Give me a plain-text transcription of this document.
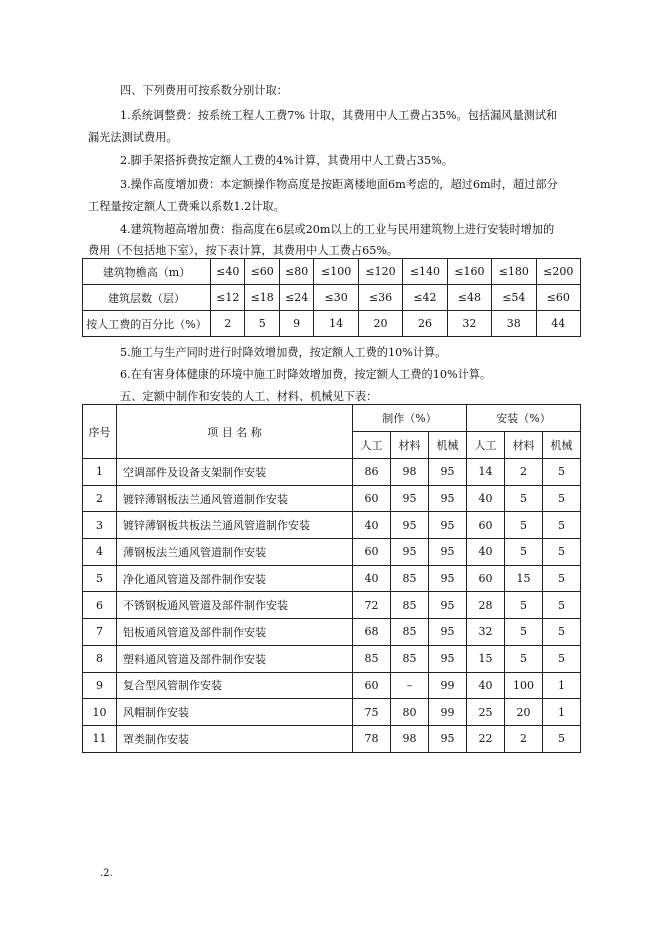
四、下列费用可按系数分别计取：
1.系统调整费：按系统工程人工费7% 计取，其费用中人工费占35%。包括漏风量测试和
漏光法测试费用。
2.脚手架搭拆费按定额人工费的4%计算，其费用中人工费占35%。
3.操作高度增加费：本定额操作物高度是按距离楼地面6m考虑的，超过6m时，超过部分
工程量按定额人工费乘以系数1.2计取。
4.建筑物超高增加费：指高度在6层或20m以上的工业与民用建筑物上进行安装时增加的
费用（不包括地下室），按下表计算，其费用中人工费占65%。
建筑物檐高（m）	≤40	≤60	≤80	≤100	≤120	≤140	≤160	≤180	≤200
建筑层数（层）	≤12	≤18	≤24	≤30	≤36	≤42	≤48	≤54	≤60
按人工费的百分比（%）	2	5	9	14	20	26	32	38	44
5.施工与生产同时进行时降效增加费，按定额人工费的10%计算。
6.在有害身体健康的环境中施工时降效增加费，按定额人工费的10%计算。
五、定额中制作和安装的人工、材料、机械见下表：
序号	项 目 名 称	制作（%）			安装（%）		
		人工	材料	机械	人工	材料	机械
1	空调部件及设备支架制作安装	86	98	95	14	2	5
2	镀锌薄钢板法兰通风管道制作安装	60	95	95	40	5	5
3	镀锌薄钢板共板法兰通风管道制作安装	40	95	95	60	5	5
4	薄钢板法兰通风管道制作安装	60	95	95	40	5	5
5	净化通风管道及部件制作安装	40	85	95	60	15	5
6	不锈钢板通风管道及部件制作安装	72	85	95	28	5	5
7	铝板通风管道及部件制作安装	68	85	95	32	5	5
8	塑料通风管道及部件制作安装	85	85	95	15	5	5
9	复合型风管制作安装	60	–	99	40	100	1
10	风帽制作安装	75	80	99	25	20	1
11	罩类制作安装	78	98	95	22	2	5
.2.
